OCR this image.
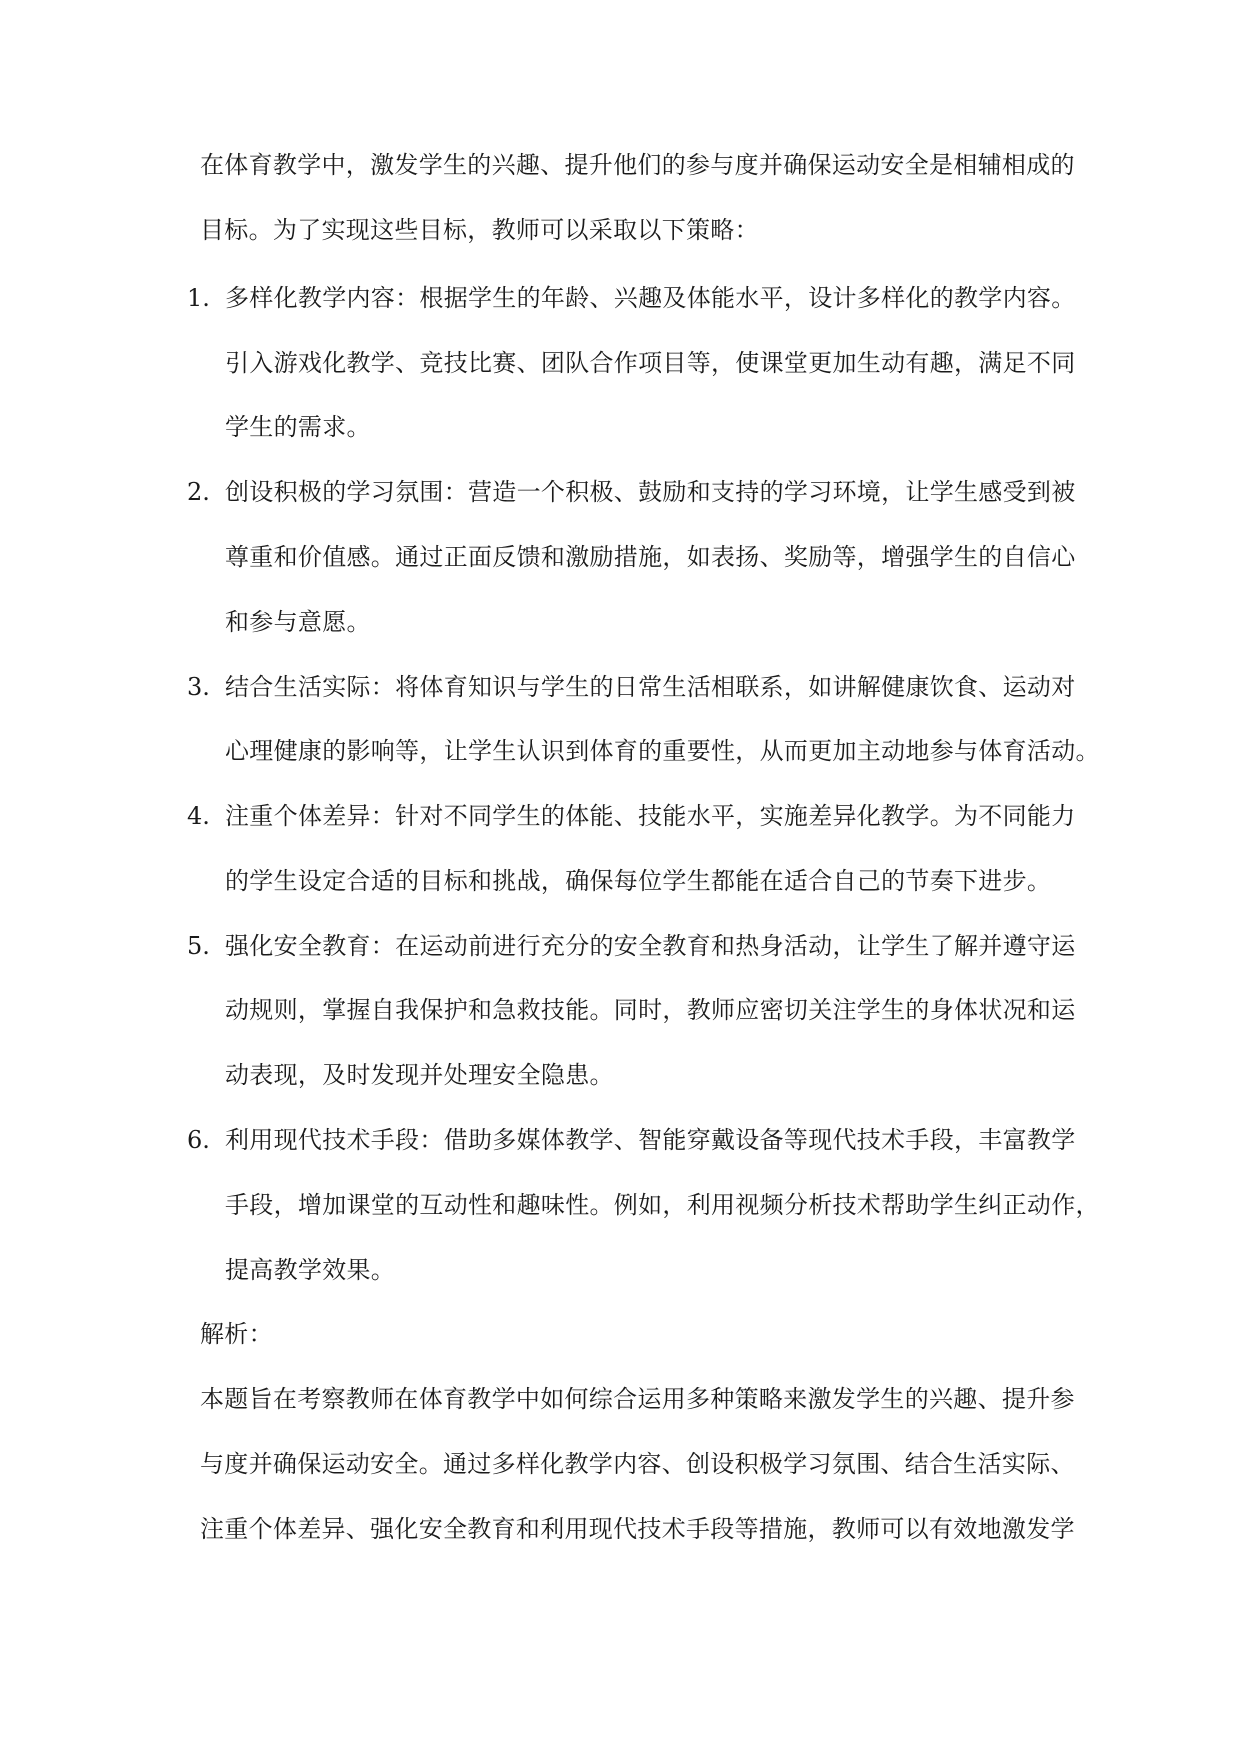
在体育教学中，激发学生的兴趣、提升他们的参与度并确保运动安全是相辅相成的
目标。为了实现这些目标，教师可以采取以下策略：
1. 多样化教学内容：根据学生的年龄、兴趣及体能水平，设计多样化的教学内容。
引入游戏化教学、竞技比赛、团队合作项目等，使课堂更加生动有趣，满足不同
学生的需求。
2. 创设积极的学习氛围：营造一个积极、鼓励和支持的学习环境，让学生感受到被
尊重和价值感。通过正面反馈和激励措施，如表扬、奖励等，增强学生的自信心
和参与意愿。
3. 结合生活实际：将体育知识与学生的日常生活相联系，如讲解健康饮食、运动对
心理健康的影响等，让学生认识到体育的重要性，从而更加主动地参与体育活动。
4. 注重个体差异：针对不同学生的体能、技能水平，实施差异化教学。为不同能力
的学生设定合适的目标和挑战，确保每位学生都能在适合自己的节奏下进步。
5. 强化安全教育：在运动前进行充分的安全教育和热身活动，让学生了解并遵守运
动规则，掌握自我保护和急救技能。同时，教师应密切关注学生的身体状况和运
动表现，及时发现并处理安全隐患。
6. 利用现代技术手段：借助多媒体教学、智能穿戴设备等现代技术手段，丰富教学
手段，增加课堂的互动性和趣味性。例如，利用视频分析技术帮助学生纠正动作，
提高教学效果。
解析：
本题旨在考察教师在体育教学中如何综合运用多种策略来激发学生的兴趣、提升参
与度并确保运动安全。通过多样化教学内容、创设积极学习氛围、结合生活实际、
注重个体差异、强化安全教育和利用现代技术手段等措施，教师可以有效地激发学
